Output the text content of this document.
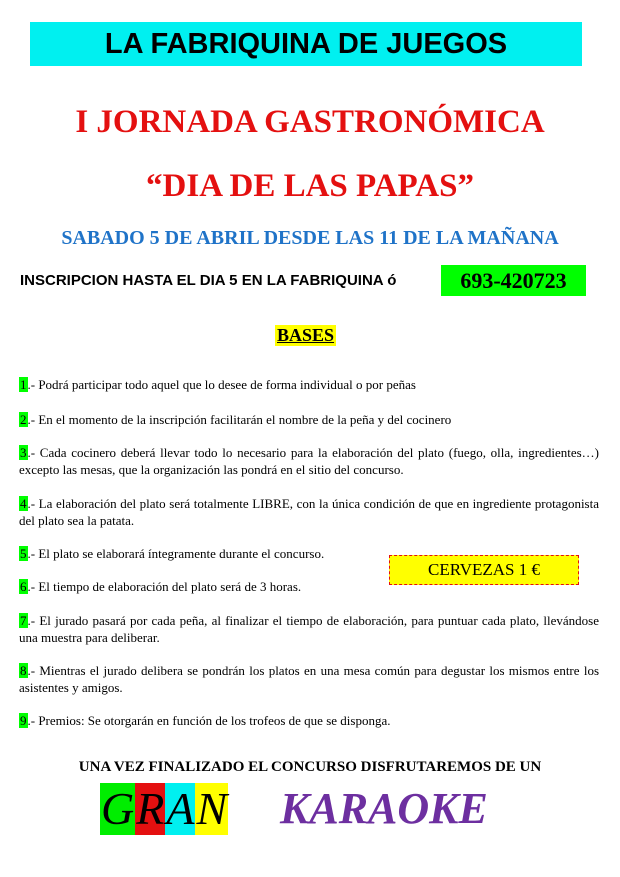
LA FABRIQUINA DE JUEGOS
I JORNADA GASTRONÓMICA
“DIA DE LAS PAPAS”
SABADO 5 DE ABRIL DESDE LAS 11 DE LA MAÑANA
INSCRIPCION HASTA EL DIA 5 EN LA FABRIQUINA ó	693-420723
BASES
1.- Podrá participar todo aquel que lo desee de forma individual o por peñas
2.- En el momento de la inscripción facilitarán el nombre de la peña y del cocinero
3.- Cada cocinero deberá llevar todo lo necesario para la elaboración del plato (fuego, olla, ingredientes…) excepto las mesas, que la organización las pondrá en el sitio del concurso.
4.- La elaboración del plato será totalmente LIBRE, con la única condición de que en ingrediente protagonista del plato sea la patata.
5.- El plato se elaborará íntegramente durante el concurso.
6.- El tiempo de elaboración del plato será de 3 horas.
7.- El jurado pasará por cada peña, al finalizar el tiempo de elaboración, para puntuar cada plato, llevándose una muestra para deliberar.
8.- Mientras el jurado delibera se pondrán los platos en una mesa común para degustar los mismos entre los asistentes y amigos.
9.- Premios: Se otorgarán en función de los trofeos de que se disponga.
CERVEZAS 1 €
UNA VEZ FINALIZADO EL CONCURSO DISFRUTAREMOS DE UN
G R A N KARAOKE
